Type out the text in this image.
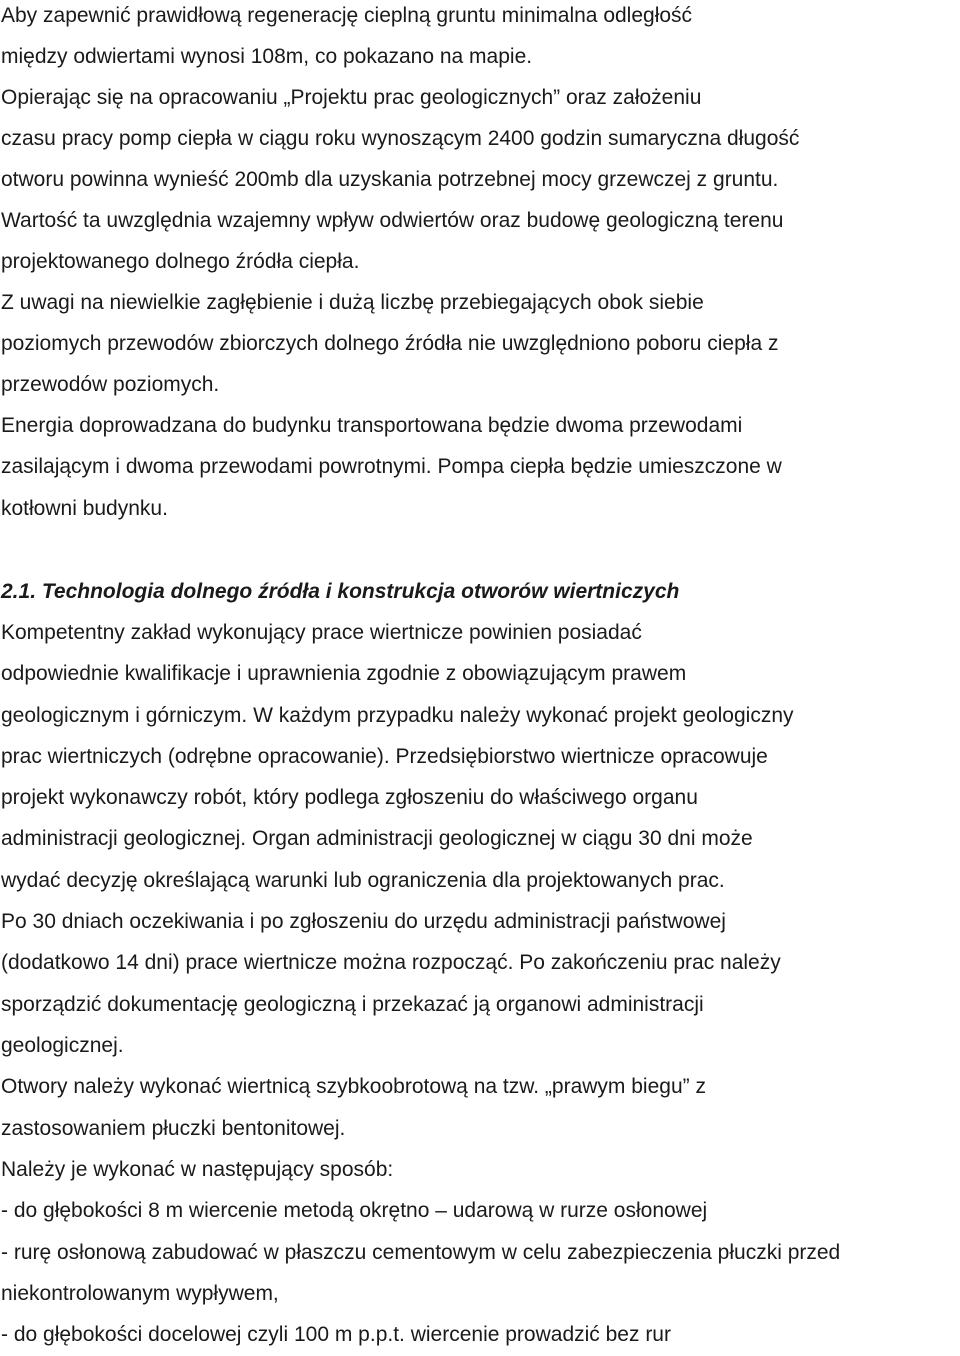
Aby zapewnić prawidłową regenerację cieplną gruntu minimalna odległość
między odwiertami wynosi 108m, co pokazano na mapie.
Opierając się na opracowaniu „Projektu prac geologicznych” oraz założeniu
czasu pracy pomp ciepła w ciągu roku wynoszącym 2400 godzin sumaryczna długość
otworu powinna wynieść 200mb dla uzyskania potrzebnej mocy grzewczej z gruntu.
Wartość ta uwzględnia wzajemny wpływ odwiertów oraz budowę geologiczną terenu
projektowanego dolnego źródła ciepła.
Z uwagi na niewielkie zagłębienie i dużą liczbę przebiegających obok siebie
poziomych przewodów zbiorczych dolnego źródła nie uwzględniono poboru ciepła z
przewodów poziomych.
Energia doprowadzana do budynku transportowana będzie dwoma przewodami
zasilającym i dwoma przewodami powrotnymi. Pompa ciepła będzie umieszczone w
kotłowni budynku.
2.1. Technologia dolnego źródła i konstrukcja otworów wiertniczych
Kompetentny zakład wykonujący prace wiertnicze powinien posiadać
odpowiednie kwalifikacje i uprawnienia zgodnie z obowiązującym prawem
geologicznym i górniczym. W każdym przypadku należy wykonać projekt geologiczny
prac wiertniczych (odrębne opracowanie). Przedsiębiorstwo wiertnicze opracowuje
projekt wykonawczy robót, który podlega zgłoszeniu do właściwego organu
administracji geologicznej. Organ administracji geologicznej w ciągu 30 dni może
wydać decyzję określającą warunki lub ograniczenia dla projektowanych prac.
Po 30 dniach oczekiwania i po zgłoszeniu do urzędu administracji państwowej
(dodatkowo 14 dni) prace wiertnicze można rozpocząć. Po zakończeniu prac należy
sporządzić dokumentację geologiczną i przekazać ją organowi administracji
geologicznej.
Otwory należy wykonać wiertnicą szybkoobrotową na tzw. „prawym biegu” z
zastosowaniem płuczki bentonitowej.
Należy je wykonać w następujący sposób:
- do głębokości 8 m wiercenie metodą okrętno – udarową w rurze osłonowej
- rurę osłonową zabudować w płaszczu cementowym w celu zabezpieczenia płuczki przed
niekontrolowanym wypływem,
- do głębokości docelowej czyli 100 m p.p.t. wiercenie prowadzić bez rur
